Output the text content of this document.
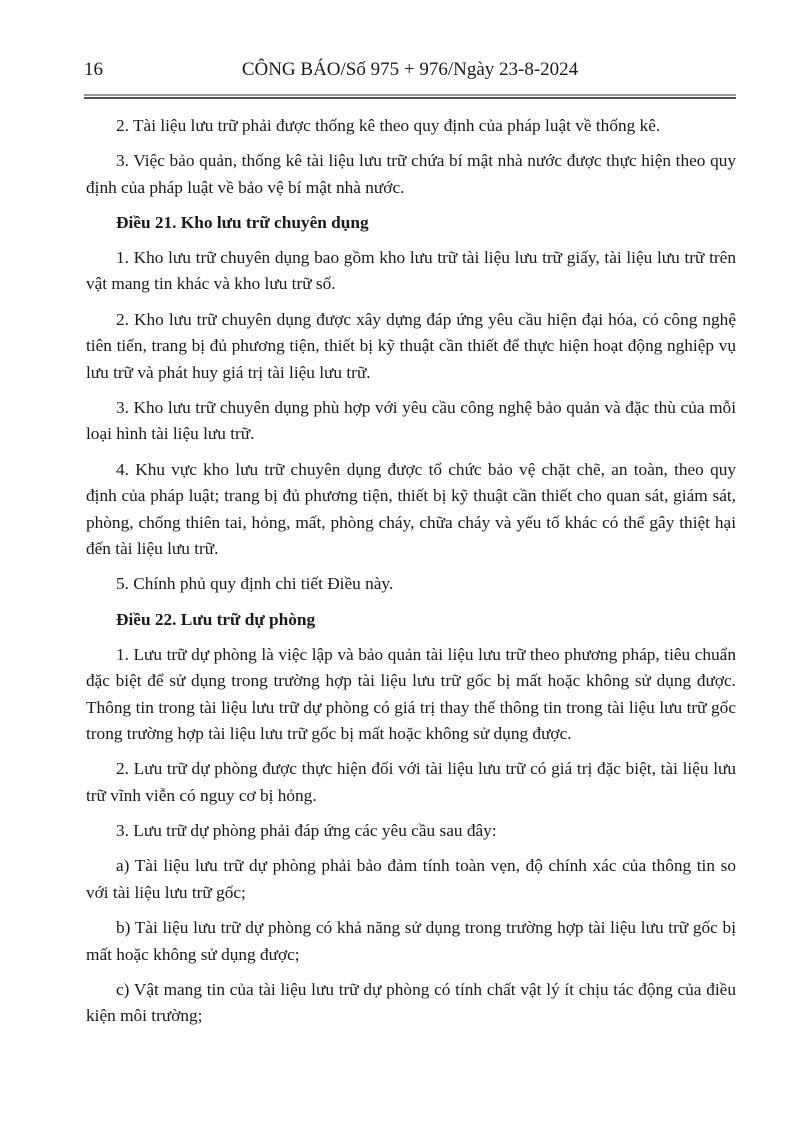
16	CÔNG BÁO/Số 975 + 976/Ngày 23-8-2024

2. Tài liệu lưu trữ phải được thống kê theo quy định của pháp luật về thống kê.

3. Việc bảo quản, thống kê tài liệu lưu trữ chứa bí mật nhà nước được thực hiện theo quy định của pháp luật về bảo vệ bí mật nhà nước.

Điều 21. Kho lưu trữ chuyên dụng

1. Kho lưu trữ chuyên dụng bao gồm kho lưu trữ tài liệu lưu trữ giấy, tài liệu lưu trữ trên vật mang tin khác và kho lưu trữ số.

2. Kho lưu trữ chuyên dụng được xây dựng đáp ứng yêu cầu hiện đại hóa, có công nghệ tiên tiến, trang bị đủ phương tiện, thiết bị kỹ thuật cần thiết để thực hiện hoạt động nghiệp vụ lưu trữ và phát huy giá trị tài liệu lưu trữ.

3. Kho lưu trữ chuyên dụng phù hợp với yêu cầu công nghệ bảo quản và đặc thù của mỗi loại hình tài liệu lưu trữ.

4. Khu vực kho lưu trữ chuyên dụng được tổ chức bảo vệ chặt chẽ, an toàn, theo quy định của pháp luật; trang bị đủ phương tiện, thiết bị kỹ thuật cần thiết cho quan sát, giám sát, phòng, chống thiên tai, hỏng, mất, phòng cháy, chữa cháy và yếu tố khác có thể gây thiệt hại đến tài liệu lưu trữ.

5. Chính phủ quy định chi tiết Điều này.

Điều 22. Lưu trữ dự phòng

1. Lưu trữ dự phòng là việc lập và bảo quản tài liệu lưu trữ theo phương pháp, tiêu chuẩn đặc biệt để sử dụng trong trường hợp tài liệu lưu trữ gốc bị mất hoặc không sử dụng được. Thông tin trong tài liệu lưu trữ dự phòng có giá trị thay thế thông tin trong tài liệu lưu trữ gốc trong trường hợp tài liệu lưu trữ gốc bị mất hoặc không sử dụng được.

2. Lưu trữ dự phòng được thực hiện đối với tài liệu lưu trữ có giá trị đặc biệt, tài liệu lưu trữ vĩnh viễn có nguy cơ bị hỏng.

3. Lưu trữ dự phòng phải đáp ứng các yêu cầu sau đây:

a) Tài liệu lưu trữ dự phòng phải bảo đảm tính toàn vẹn, độ chính xác của thông tin so với tài liệu lưu trữ gốc;

b) Tài liệu lưu trữ dự phòng có khả năng sử dụng trong trường hợp tài liệu lưu trữ gốc bị mất hoặc không sử dụng được;

c) Vật mang tin của tài liệu lưu trữ dự phòng có tính chất vật lý ít chịu tác động của điều kiện môi trường;
